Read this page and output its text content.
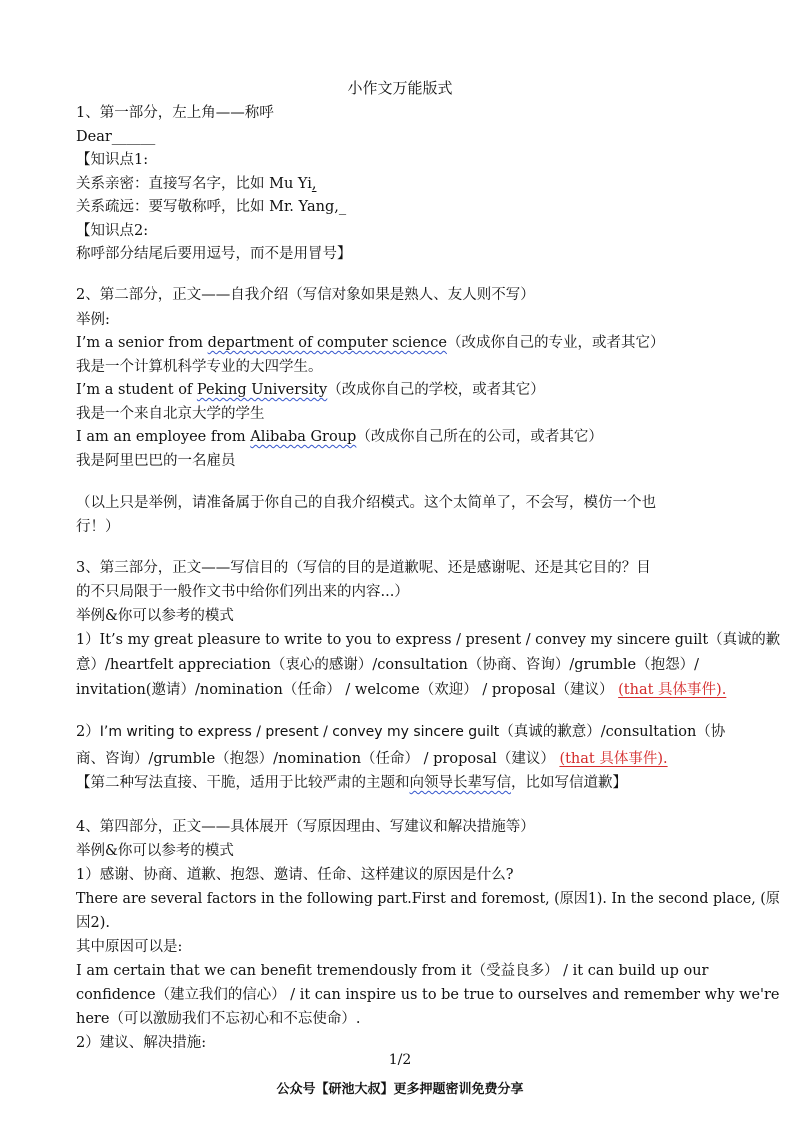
小作文万能版式
1、第一部分，左上角——称呼
Dear______
【知识点1:
关系亲密：直接写名字，比如 Mu Yi,
关系疏远：要写敬称呼，比如 Mr. Yang,_
【知识点2:
称呼部分结尾后要用逗号，而不是用冒号】
2、第二部分，正文——自我介绍（写信对象如果是熟人、友人则不写）
举例:
I’m a senior from department of computer science（改成你自己的专业，或者其它）
我是一个计算机科学专业的大四学生。
I’m a student of Peking University（改成你自己的学校，或者其它）
我是一个来自北京大学的学生
I am an employee from Alibaba Group（改成你自己所在的公司，或者其它）
我是阿里巴巴的一名雇员
（以上只是举例，请准备属于你自己的自我介绍模式。这个太简单了，不会写，模仿一个也
行！）
3、第三部分，正文——写信目的（写信的目的是道歉呢、还是感谢呢、还是其它目的？目
的不只局限于一般作文书中给你们列出来的内容...）
举例&你可以参考的模式
1）It’s my great pleasure to write to you to express / present / convey my sincere guilt（真诚的歉
意）/heartfelt appreciation（衷心的感谢）/consultation（协商、咨询）/grumble（抱怨）/
invitation(邀请）/nomination（任命） / welcome（欢迎） / proposal（建议） (that 具体事件).
2）I’m writing to express / present / convey my sincere guilt（真诚的歉意）/consultation（协
商、咨询）/grumble（抱怨）/nomination（任命） / proposal（建议） (that 具体事件).
【第二种写法直接、干脆，适用于比较严肃的主题和向领导长辈写信，比如写信道歉】
4、第四部分，正文——具体展开（写原因理由、写建议和解决措施等）
举例&你可以参考的模式
1）感谢、协商、道歉、抱怨、邀请、任命、这样建议的原因是什么?
There are several factors in the following part.First and foremost, (原因1). In the second place, (原
因2).
其中原因可以是:
I am certain that we can benefit tremendously from it（受益良多） / it can build up our
confidence（建立我们的信心） / it can inspire us to be true to ourselves and remember why we're
here（可以激励我们不忘初心和不忘使命）.
2）建议、解决措施:
1/2
公众号【研池大叔】更多押题密训免费分享
